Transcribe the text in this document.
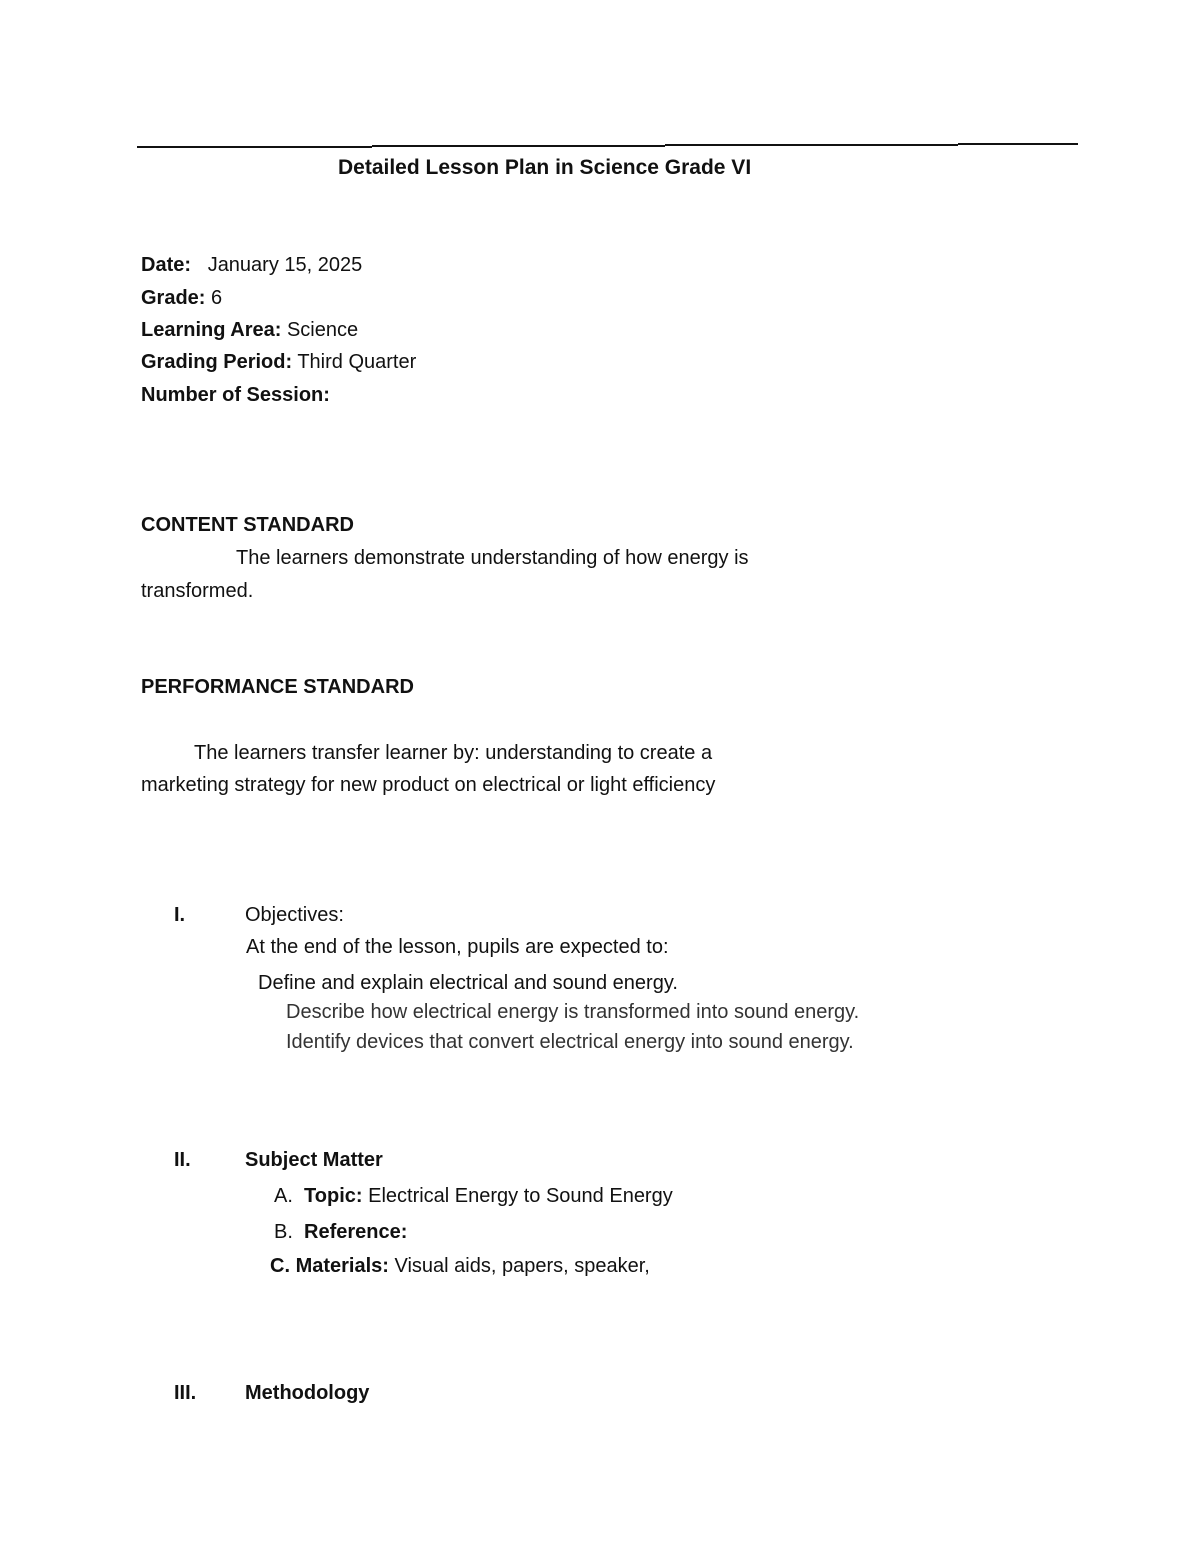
Detailed Lesson Plan in Science Grade VI
Date: January 15, 2025
Grade: 6
Learning Area: Science
Grading Period: Third Quarter
Number of Session:
CONTENT STANDARD
The learners demonstrate understanding of how energy is
transformed.
PERFORMANCE STANDARD
The learners transfer learner by: understanding to create a
marketing strategy for new product on electrical or light efficiency
I.	Objectives:
At the end of the lesson, pupils are expected to:
Define and explain electrical and sound energy.
Describe how electrical energy is transformed into sound energy.
Identify devices that convert electrical energy into sound energy.
II.	Subject Matter
A. Topic: Electrical Energy to Sound Energy
B. Reference:
C. Materials: Visual aids, papers, speaker,
III. Methodology
